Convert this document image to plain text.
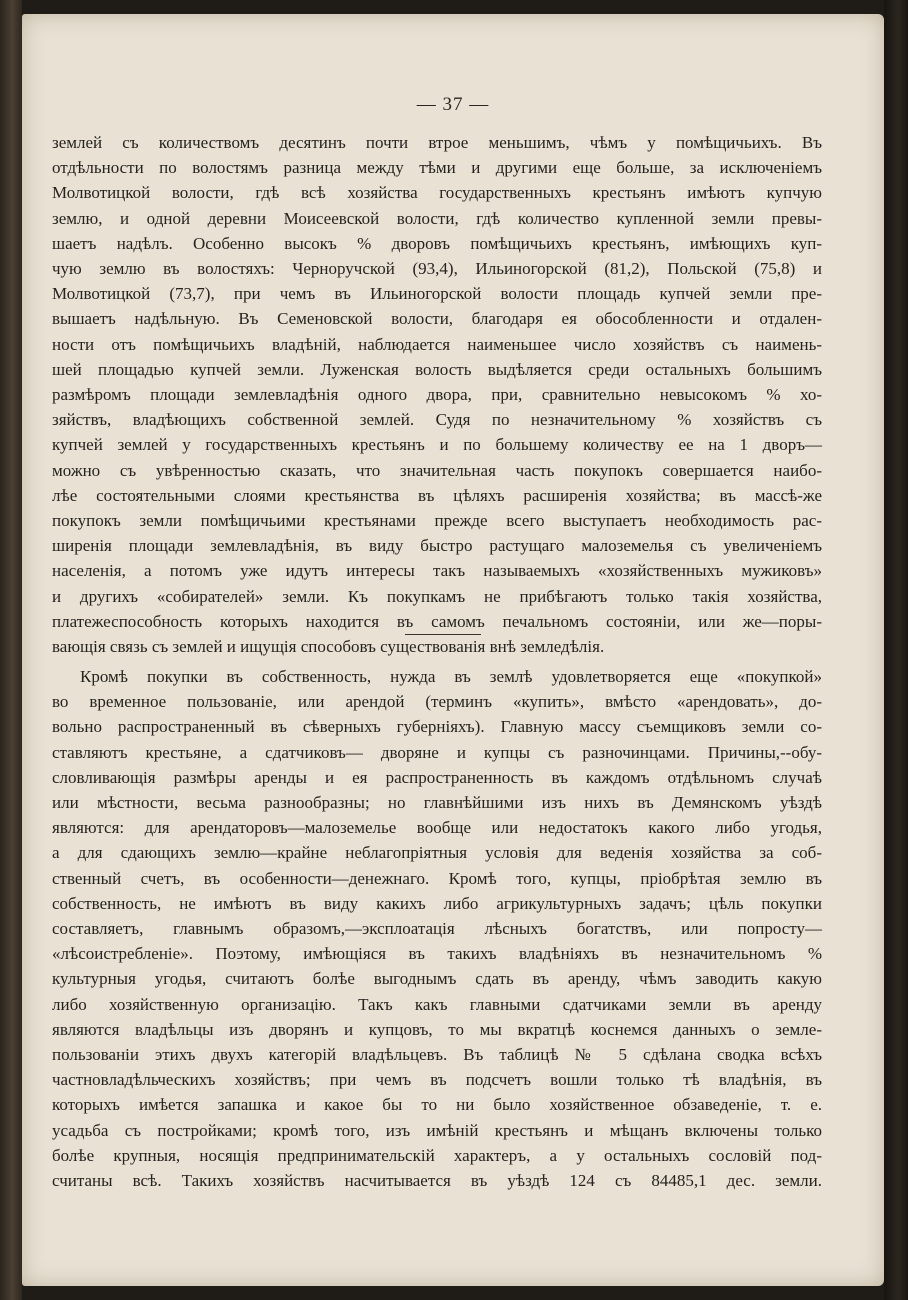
— 37 —
землей съ количествомъ десятинъ почти втрое меньшимъ, чѣмъ у помѣщичьихъ. Въ
отдѣльности по волостямъ разница между тѣми и другими еще больше, за исключенiемъ
Молвотицкой волости, гдѣ всѣ хозяйства государственныхъ крестьянъ имѣютъ купчую
землю, и одной деревни Моисеевской волости, гдѣ количество купленной земли превы-
шаетъ надѣлъ. Особенно высокъ % дворовъ помѣщичьихъ крестьянъ, имѣющихъ куп-
чую землю въ волостяхъ: Черноручской (93,4), Ильиногорской (81,2), Польской (75,8) и
Молвотицкой (73,7), при чемъ въ Ильиногорской волости площадь купчей земли пре-
вышаетъ надѣльную. Въ Семеновской волости, благодаря ея обособленности и отдален-
ности отъ помѣщичьихъ владѣнiй, наблюдается наименьшее число хозяйствъ съ наимень-
шей площадью купчей земли. Луженская волость выдѣляется среди остальныхъ большимъ
размѣромъ площади землевладѣнiя одного двора, при, сравнительно невысокомъ % хо-
зяйствъ, владѣющихъ собственной землей. Судя по незначительному % хозяйствъ съ
купчей землей у государственныхъ крестьянъ и по большему количеству ее на 1 дворъ—
можно съ увѣренностью сказать, что значительная часть покупокъ совершается наибо-
лѣе состоятельными слоями крестьянства въ цѣляхъ расширенiя хозяйства; въ массѣ-же
покупокъ земли помѣщичьими крестьянами прежде всего выступаетъ необходимость рас-
ширенiя площади землевладѣнiя, въ виду быстро растущаго малоземелья съ увеличенiемъ
населенiя, а потомъ уже идутъ интересы такъ называемыхъ «хозяйственныхъ мужиковъ»
и другихъ «собирателей» земли. Къ покупкамъ не прибѣгаютъ только такiя хозяйства,
платежеспособность которыхъ находится въ самомъ печальномъ состоянiи, или же—поры-
вающiя связь съ землей и ищущiя способовъ существованiя внѣ земледѣлiя.
Кромѣ покупки въ собственность, нужда въ землѣ удовлетворяется еще «покупкой»
во временное пользованiе, или арендой (терминъ «купить», вмѣсто «арендовать», до-
вольно распространенный въ сѣверныхъ губернiяхъ). Главную массу съемщиковъ земли со-
ставляютъ крестьяне, а сдатчиковъ— дворяне и купцы съ разночинцами. Причины,--обу-
словливающiя размѣры аренды и ея распространенность въ каждомъ отдѣльномъ случаѣ
или мѣстности, весьма разнообразны; но главнѣйшими изъ нихъ въ Демянскомъ уѣздѣ
являются: для арендаторовъ—малоземелье вообще или недостатокъ какого либо угодья,
а для сдающихъ землю—крайне неблагопрiятныя условiя для веденiя хозяйства за соб-
ственный счетъ, въ особенности—денежнаго. Кромѣ того, купцы, прiобрѣтая землю въ
собственность, не имѣютъ въ виду какихъ либо агрикультурныхъ задачъ; цѣль покупки
составляетъ, главнымъ образомъ,—эксплоатацiя лѣсныхъ богатствъ, или попросту—
«лѣсоистребленiе». Поэтому, имѣющiяся въ такихъ владѣнiяхъ въ незначительномъ %
культурныя угодья, считаютъ болѣе выгоднымъ сдать въ аренду, чѣмъ заводить какую
либо хозяйственную организацiю. Такъ какъ главными сдатчиками земли въ аренду
являются владѣльцы изъ дворянъ и купцовъ, то мы вкратцѣ коснемся данныхъ о земле-
пользованiи этихъ двухъ категорiй владѣльцевъ. Въ таблицѣ № 5 сдѣлана сводка всѣхъ
частновладѣльческихъ хозяйствъ; при чемъ въ подсчетъ вошли только тѣ владѣнiя, въ
которыхъ имѣется запашка и какое бы то ни было хозяйственное обзаведенiе, т. е.
усадьба съ постройками; кромѣ того, изъ имѣнiй крестьянъ и мѣщанъ включены только
болѣе крупныя, носящiя предпринимательскiй характеръ, а у остальныхъ сословiй под-
считаны всѣ. Такихъ хозяйствъ насчитывается въ уѣздѣ 124 съ 84485,1 дес. земли.
